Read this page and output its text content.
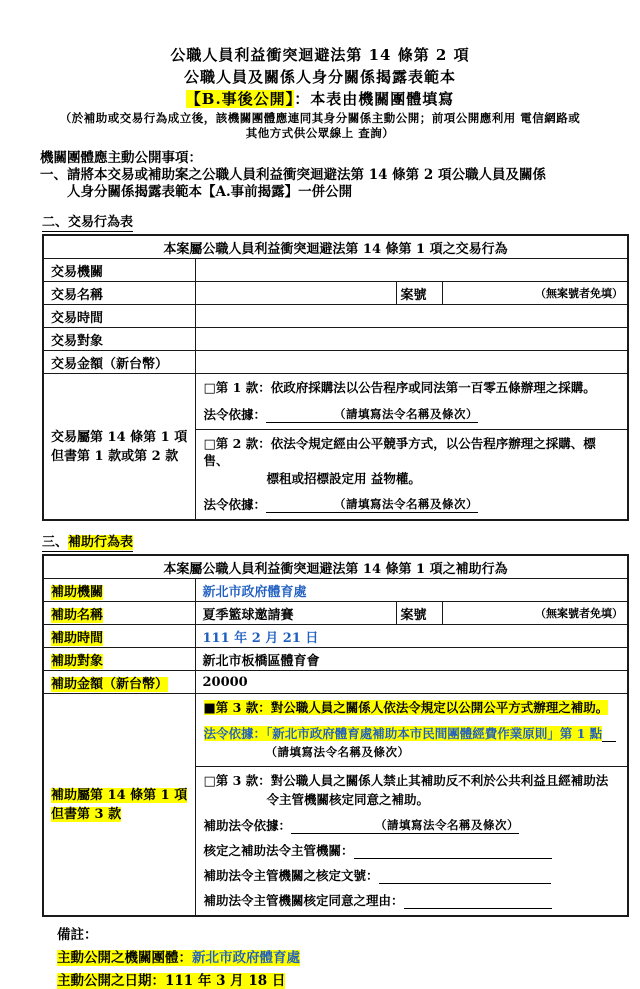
公職人員利益衝突迴避法第 14 條第 2 項
公職人員及關係人身分關係揭露表範本
【B.事後公開】：本表由機關團體填寫
（於補助或交易行為成立後，該機關團體應連同其身分關係主動公開；前項公開應利用 電信網路或
其他方式供公眾線上 查詢）
機關團體應主動公開事項：
一、請將本交易或補助案之公職人員利益衝突迴避法第 14 條第 2 項公職人員及關係
人身分關係揭露表範本【A.事前揭露】一併公開
二、交易行為表
本案屬公職人員利益衝突迴避法第 14 條第 1 項之交易行為			
交易機關			
交易名稱		案號	（無案號者免填）
交易時間			
交易對象			
交易金額（新台幣）			

交易屬第 14 條第 1 項
但書第 1 款或第 2 款

□第 1 款：依政府採購法以公告程序或同法第一百零五條辦理之採購。
法令依據：	（請填寫法令名稱及條次）

	□第 2 款：依法令規定經由公平競爭方式，以公告程序辦理之採購、標售、
標租或招標設定用 益物權。
法令依據： （請填寫法令名稱及條次）		
三、補助行為表
本案屬公職人員利益衝突迴避法第 14 條第 1 項之補助行為			
補助機關	新北市政府體育處		
補助名稱	夏季籃球邀請賽	案號	（無案號者免填）
補助時間	111 年 2 月 21 日		
補助對象	新北市板橋區體育會		
補助金額（新台幣）	20000		

補助屬第 14 條第 1 項
但書第 3 款

■第 3 款：對公職人員之關係人依法令規定以公開公平方式辦理之補助。
法令依據：「新北市政府體育處補助本市民間團體經費作業原則」第 1 點
（請填寫法令名稱及條次）

□第 3 款：對公職人員之關係人禁止其補助反不利於公共利益且經補助法
令主管機關核定同意之補助。
補助法令依據：	（請填寫法令名稱及條次）
核定之補助法令主管機關：
補助法令主管機關之核定文號：
補助法令主管機關核定同意之理由：
備註：
主動公開之機關團體：新北市政府體育處
主動公開之日期：111 年 3 月 18 日
